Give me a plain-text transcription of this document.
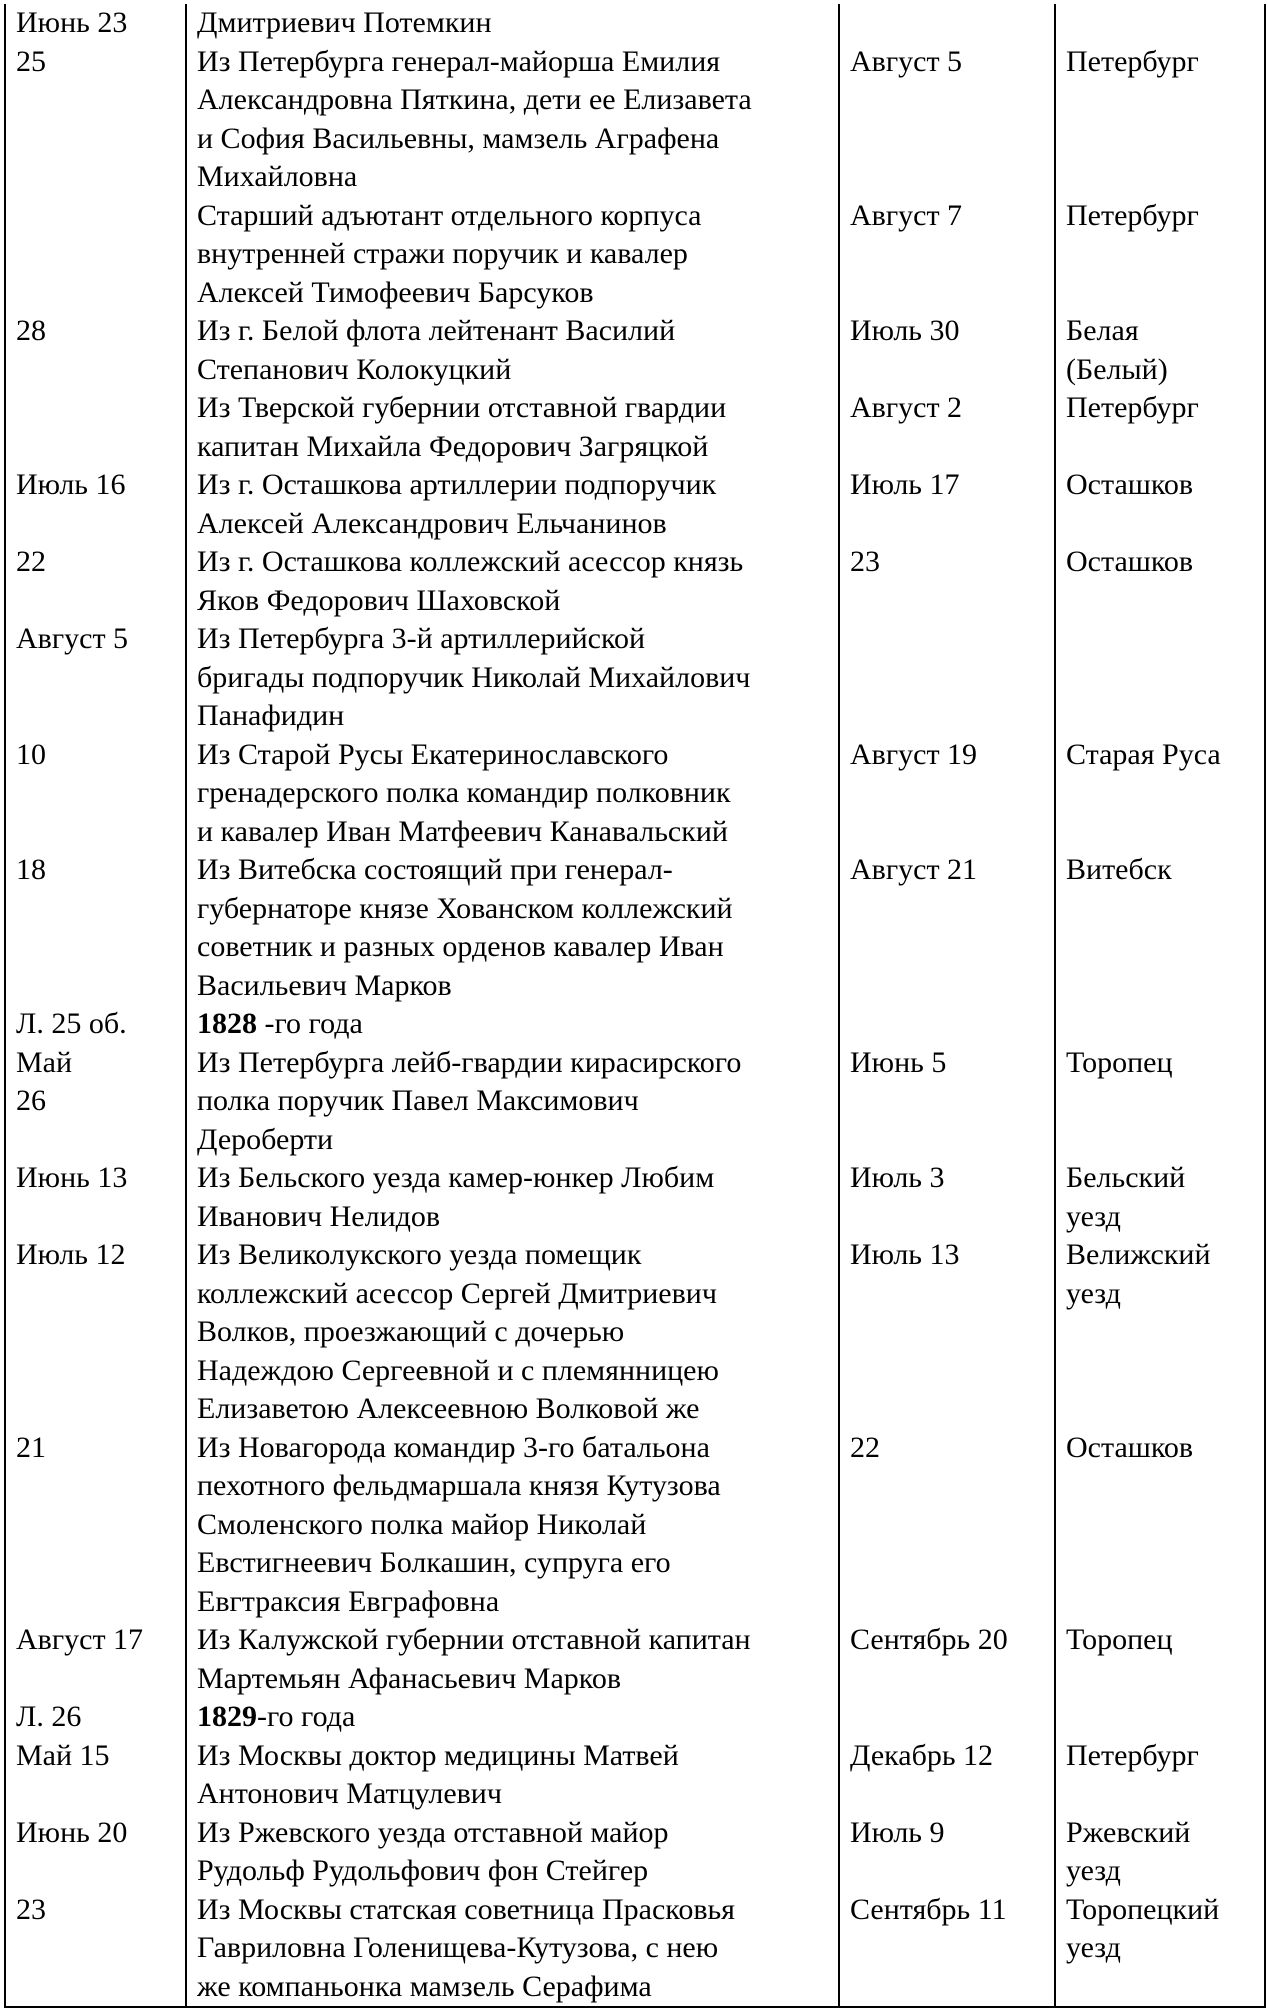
Июнь 23	Дмитриевич Потемкин		

25	Из Петербурга генерал-майорша Емилия
Александровна Пяткина, дети ее Елизавета
и София Васильевны, мамзель Аграфена
Михайловна	Август 5	Петербург

	Старший адъютант отдельного корпуса
внутренней стражи поручик и кавалер
Алексей Тимофеевич Барсуков	Август 7	Петербург

28	Из г. Белой флота лейтенант Василий
Степанович Колокуцкий	Июль 30	Белая
(Белый)

	Из Тверской губернии отставной гвардии
капитан Михайла Федорович Загряцкой	Август 2	Петербург

Июль 16	Из г. Осташкова артиллерии подпоручик
Алексей Александрович Ельчанинов	Июль 17	Осташков

22	Из г. Осташкова коллежский асессор князь
Яков Федорович Шаховской	23	Осташков

Август 5	Из Петербурга 3-й артиллерийской
бригады подпоручик Николай Михайлович
Панафидин		

10	Из Старой Русы Екатеринославского
гренадерского полка командир полковник
и кавалер Иван Матфеевич Канавальский	Август 19	Старая Руса

18	Из Витебска состоящий при генерал-
губернаторе князе Хованском коллежский
советник и разных орденов кавалер Иван
Васильевич Марков	Август 21	Витебск

Л. 25 об.	1828 -го года		

Май
26	Из Петербурга лейб-гвардии кирасирского
полка поручик Павел Максимович
Дероберти	Июнь 5	Торопец

Июнь 13	Из Бельского уезда камер-юнкер Любим
Иванович Нелидов	Июль 3	Бельский
уезд

Июль 12	Из Великолукского уезда помещик
коллежский асессор Сергей Дмитриевич
Волков, проезжающий с дочерью
Надеждою Сергеевной и с племянницею
Елизаветою Алексеевною Волковой же	Июль 13	Велижский
уезд

21	Из Новагорода командир 3-го батальона
пехотного фельдмаршала князя Кутузова
Смоленского полка майор Николай
Евстигнеевич Болкашин, супруга его
Евгтраксия Евграфовна	22	Осташков

Август 17	Из Калужской губернии отставной капитан
Мартемьян Афанасьевич Марков	Сентябрь 20	Торопец

Л. 26	1829-го года		

Май 15	Из Москвы доктор медицины Матвей
Антонович Матцулевич	Декабрь 12	Петербург

Июнь 20	Из Ржевского уезда отставной майор
Рудольф Рудольфович фон Стейгер	Июль 9	Ржевский
уезд

23	Из Москвы статская советница Прасковья
Гавриловна Голенищева-Кутузова, с нею
же компаньонка мамзель Серафима	Сентябрь 11	Торопецкий
уезд
